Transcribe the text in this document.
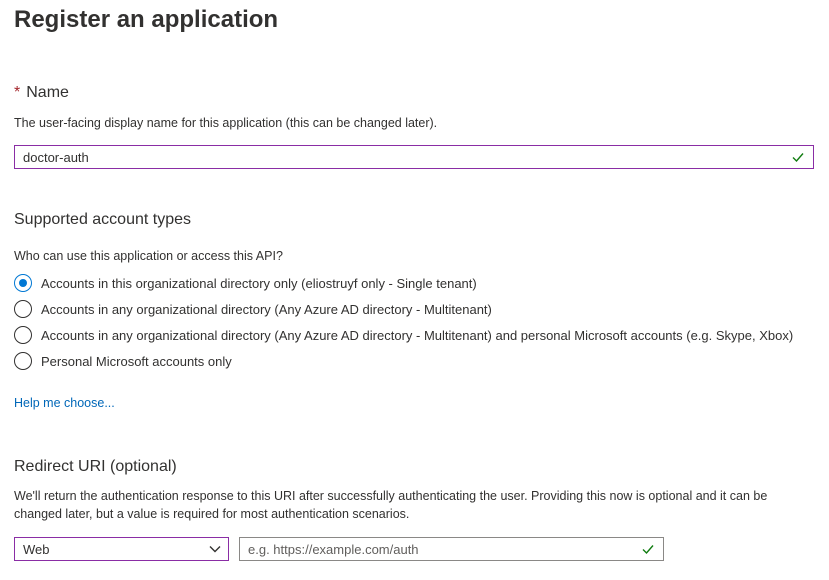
Register an application
* Name
The user-facing display name for this application (this can be changed later).
doctor-auth
Supported account types
Who can use this application or access this API?
Accounts in this organizational directory only (eliostruyf only - Single tenant)
Accounts in any organizational directory (Any Azure AD directory - Multitenant)
Accounts in any organizational directory (Any Azure AD directory - Multitenant) and personal Microsoft accounts (e.g. Skype, Xbox)
Personal Microsoft accounts only
Help me choose...
Redirect URI (optional)
We'll return the authentication response to this URI after successfully authenticating the user. Providing this now is optional and it can be
changed later, but a value is required for most authentication scenarios.
Web	e.g. https://example.com/auth
